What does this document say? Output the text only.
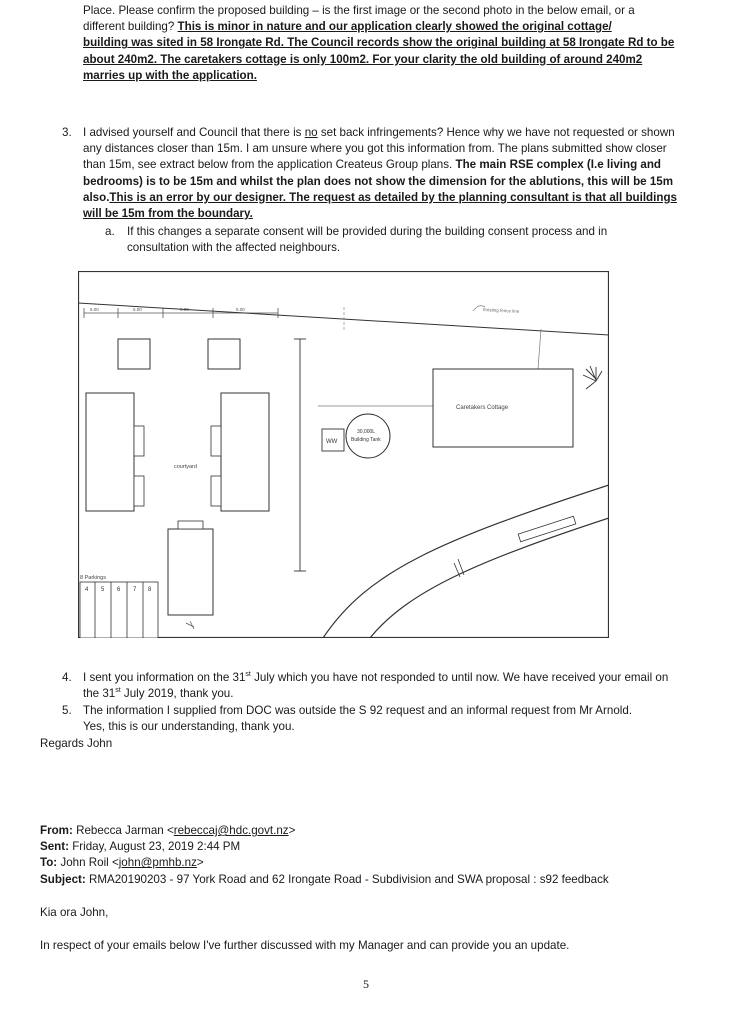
Place. Please confirm the proposed building – is the first image or the second photo in the below email, or a

different building? This is minor in nature and our application clearly showed the original cottage/

building was sited in 58 Irongate Rd. The Council records show the original building at 58 Irongate Rd to be about 240m2. The caretakers cottage is only 100m2. For your clarity the old building of around 240m2 marries up with the application.

3. I advised yourself and Council that there is no set back infringements? Hence why we have not requested or shown any distances closer than 15m. I am unsure where you got this information from. The plans submitted show closer than 15m, see extract below from the application Createus Group plans. The main RSE complex (I.e living and bedrooms) is to be 15m and whilst the plan does not show the dimension for the ablutions, this will be 15m also.This is an error by our designer. The request as detailed by the planning consultant is that all buildings will be 15m from the boundary.

a. If this changes a separate consent will be provided during the building consent process and in consultation with the affected neighbours.

5.00	5.00	5.00	Existing fence line
courtyard
8 Parkings
4 5 6 7 8
WW
30,000L
Building Tank
Caretakers Cottage
4. I sent you information on the 31st July which you have not responded to until now. We have received your email on the 31st July 2019, thank you.

5. The information I supplied from DOC was outside the S 92 request and an informal request from Mr Arnold.

Yes, this is our understanding, thank you.

Regards John

From: Rebecca Jarman <rebeccaj@hdc.govt.nz>

Sent: Friday, August 23, 2019 2:44 PM

To: John Roil <john@pmhb.nz>

Subject: RMA20190203 - 97 York Road and 62 Irongate Road - Subdivision and SWA proposal : s92 feedback

Kia ora John,

In respect of your emails below I've further discussed with my Manager and can provide you an update.

5
